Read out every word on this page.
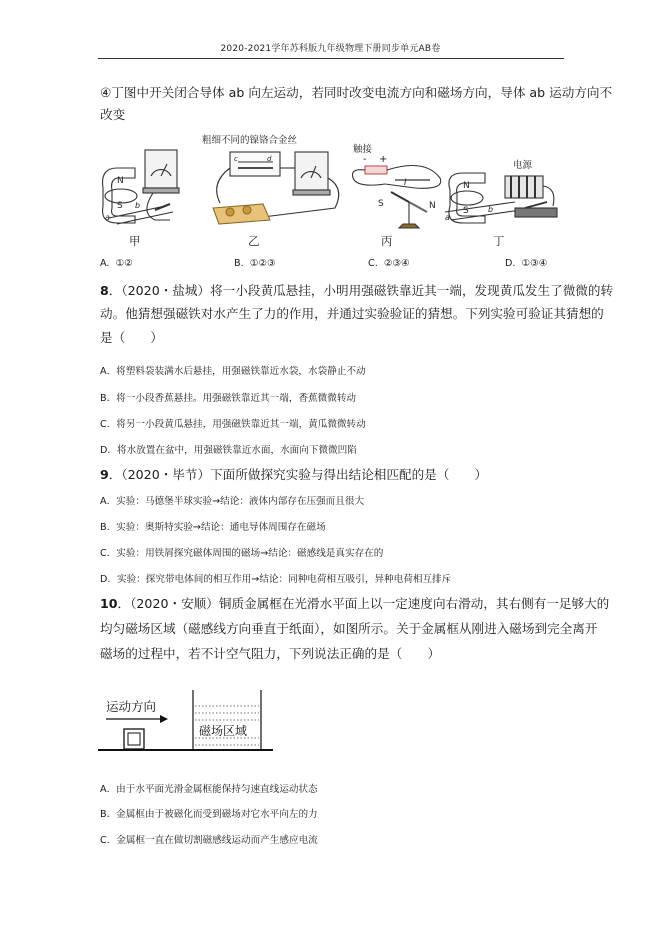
2020-2021学年苏科版九年级物理下册同步单元AB卷
④丁图中开关闭合导体 ab 向左运动，若同时改变电流方向和磁场方向，导体 ab 运动方向不
改变
N
S
a
b
粗细不同的镍铬合金丝
c	d
触接
- +
I
S	N
电源
N
S
a
b
甲	乙	丙	丁
A. ①②	B. ①②③	C. ②③④	D. ①③④
8．（2020・盐城）将一小段黄瓜悬挂，小明用强磁铁靠近其一端，发现黄瓜发生了微微的转
动。他猜想强磁铁对水产生了力的作用，并通过实验验证的猜想。下列实验可验证其猜想的
是（　　）
A．将塑料袋装满水后悬挂，用强磁铁靠近水袋，水袋静止不动
B．将一小段香蕉悬挂。用强磁铁靠近其一端，香蕉微微转动
C．将另一小段黄瓜悬挂，用强磁铁靠近其一端，黄瓜微微转动
D．将水放置在盆中，用强磁铁靠近水面，水面向下微微凹陷
9．（2020・毕节）下面所做探究实验与得出结论相匹配的是（　　）
A．实验：马德堡半球实验→结论：液体内部存在压强而且很大
B．实验：奥斯特实验→结论：通电导体周围存在磁场
C．实验：用铁屑探究磁体周围的磁场→结论：磁感线是真实存在的
D．实验：探究带电体间的相互作用→结论：同种电荷相互吸引，异种电荷相互排斥
10．（2020・安顺）铜质金属框在光滑水平面上以一定速度向右滑动，其右侧有一足够大的
均匀磁场区域（磁感线方向垂直于纸面），如图所示。关于金属框从刚进入磁场到完全离开
磁场的过程中，若不计空气阻力，下列说法正确的是（　　）
运动方向
磁场区域
A．由于水平面光滑金属框能保持匀速直线运动状态
B．金属框由于被磁化而受到磁场对它水平向左的力
C．金属框一直在做切割磁感线运动而产生感应电流
